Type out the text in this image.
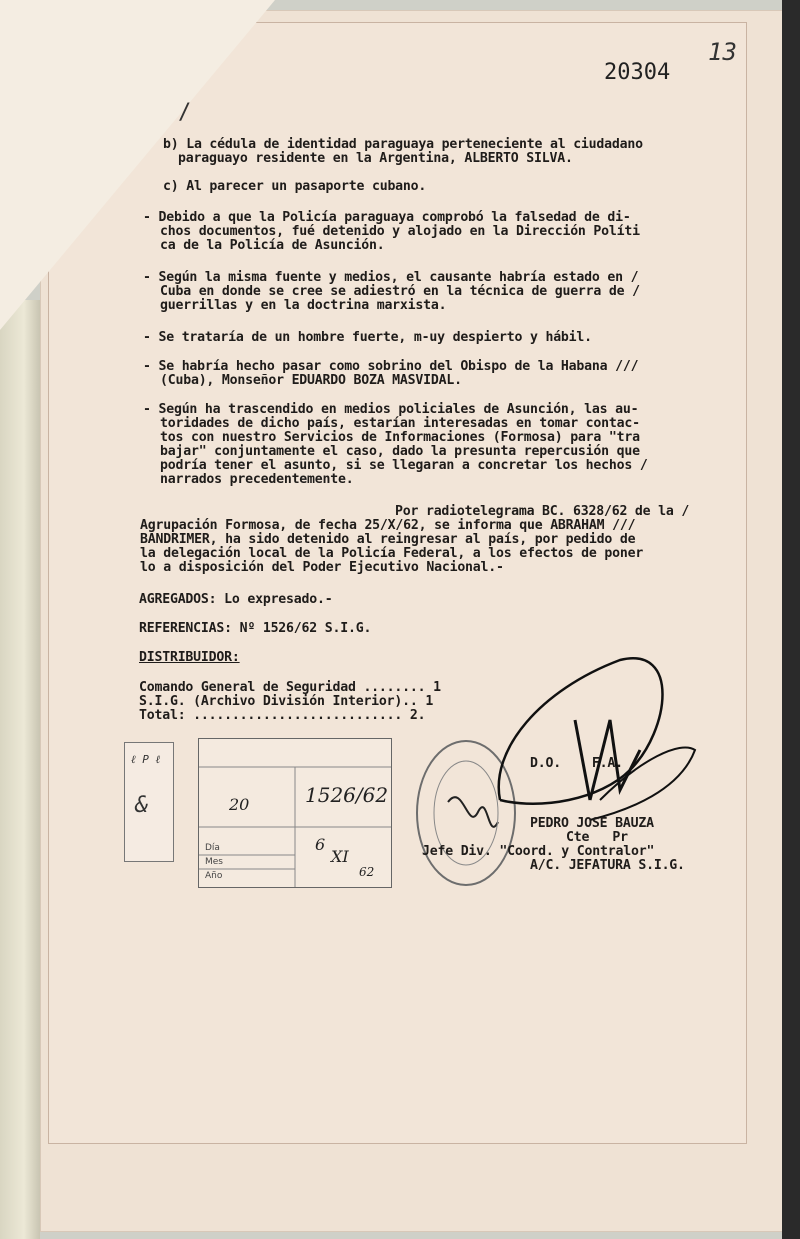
20304
13
/
b) La cédula de identidad paraguaya perteneciente al ciudadano
paraguayo residente en la Argentina, ALBERTO SILVA.
c) Al parecer un pasaporte cubano.
- Debido a que la Policía paraguaya comprobó la falsedad de di-
chos documentos, fué detenido y alojado en la Dirección Políti
ca de la Policía de Asunción.
- Según la misma fuente y medios, el causante habría estado en /
Cuba en donde se cree se adiestró en la técnica de guerra de /
guerrillas y en la doctrina marxista.
- Se trataría de un hombre fuerte, m-uy despierto y hábil.
- Se habría hecho pasar como sobrino del Obispo de la Habana ///
(Cuba), Monseñor EDUARDO BOZA MASVIDAL.
- Según ha trascendido en medios policiales de Asunción, las au-
toridades de dicho país, estarían interesadas en tomar contac-
tos con nuestro Servicios de Informaciones (Formosa) para "tra
bajar" conjuntamente el caso, dado la presunta repercusión que
podría tener el asunto, si se llegaran a concretar los hechos /
narrados precedentemente.
Por radiotelegrama BC. 6328/62 de la /
Agrupación Formosa, de fecha 25/X/62, se informa que ABRAHAM ///
BANDRIMER, ha sido detenido al reingresar al país, por pedido de
la delegación local de la Policía Federal, a los efectos de poner
lo a disposición del Poder Ejecutivo Nacional.-
AGREGADOS: Lo expresado.-
REFERENCIAS: Nº 1526/62 S.I.G.
DISTRIBUIDOR:
Comando General de Seguridad ........ 1
S.I.G. (Archivo División Interior).. 1
Total: ........................... 2.
ℓ P ℓ
&	20	1526/62
Día
Mes
Año
6
XI
62
D.O.    F.A.
PEDRO JOSE BAUZA
Cte   Pr
Jefe Div. "Coord. y Contralor"
A/C. JEFATURA S.I.G.
